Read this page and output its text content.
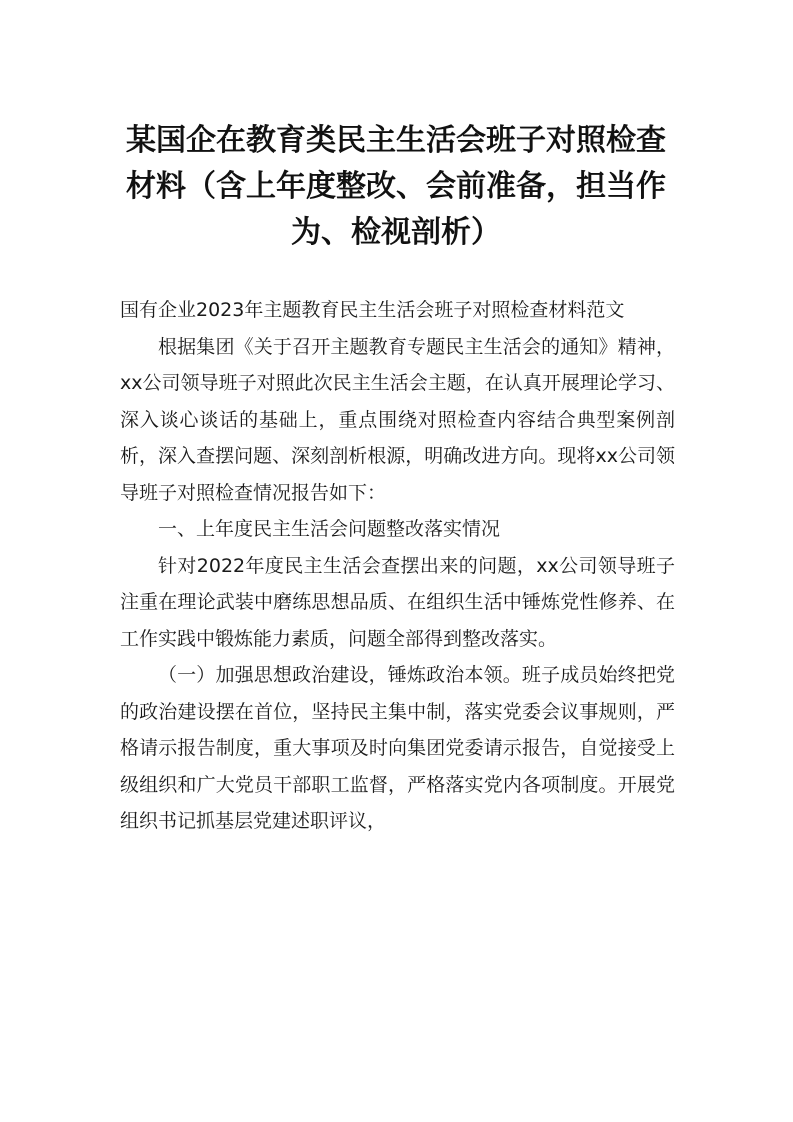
某国企在教育类民主生活会班子对照检查材料（含上年度整改、会前准备，担当作为、检视剖析）

国有企业2023年主题教育民主生活会班子对照检查材料范文

根据集团《关于召开主题教育专题民主生活会的通知》精神，xx公司领导班子对照此次民主生活会主题，在认真开展理论学习、深入谈心谈话的基础上，重点围绕对照检查内容结合典型案例剖析，深入查摆问题、深刻剖析根源，明确改进方向。现将xx公司领导班子对照检查情况报告如下：

一、上年度民主生活会问题整改落实情况

针对2022年度民主生活会查摆出来的问题，xx公司领导班子注重在理论武装中磨练思想品质、在组织生活中锤炼党性修养、在工作实践中锻炼能力素质，问题全部得到整改落实。

（一）加强思想政治建设，锤炼政治本领。班子成员始终把党的政治建设摆在首位，坚持民主集中制，落实党委会议事规则，严格请示报告制度，重大事项及时向集团党委请示报告，自觉接受上级组织和广大党员干部职工监督，严格落实党内各项制度。开展党组织书记抓基层党建述职评议，
